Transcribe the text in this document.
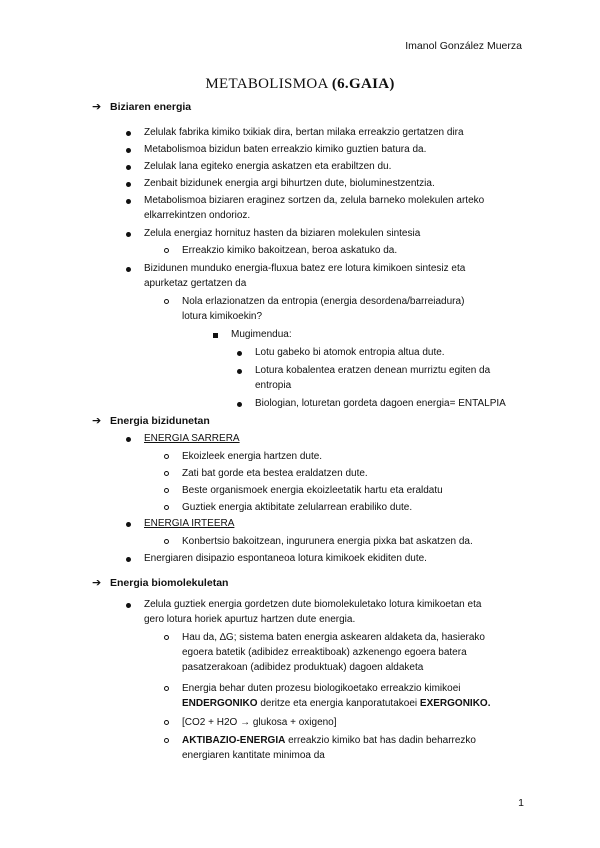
Imanol González Muerza
METABOLISMOA (6.GAIA)
➔ Biziaren energia
Zelulak fabrika kimiko txikiak dira, bertan milaka erreakzio gertatzen dira
Metabolismoa bizidun baten erreakzio kimiko guztien batura da.
Zelulak lana egiteko energia askatzen eta erabiltzen du.
Zenbait bizidunek energia argi bihurtzen dute, bioluminestzentzia.
Metabolismoa biziaren eraginez sortzen da, zelula barneko molekulen arteko
elkarrekintzen ondorioz.
Zelula energiaz hornituz hasten da biziaren molekulen sintesia
Erreakzio kimiko bakoitzean, beroa askatuko da.
Bizidunen munduko energia-fluxua batez ere lotura kimikoen sintesiz eta
apurketaz gertatzen da
Nola erlazionatzen da entropia (energia desordena/barreiadura)
lotura kimikoekin?
Mugimendua:
Lotu gabeko bi atomok entropia altua dute.
Lotura kobalentea eratzen denean murriztu egiten da
entropia
Biologian, loturetan gordeta dagoen energia= ENTALPIA
➔ Energia bizidunetan
ENERGIA SARRERA
Ekoizleek energia hartzen dute.
Zati bat gorde eta bestea eraldatzen dute.
Beste organismoek energia ekoizleetatik hartu eta eraldatu
Guztiek energia aktibitate zelularrean erabiliko dute.
ENERGIA IRTEERA
Konbertsio bakoitzean, ingurunera energia pixka bat askatzen da.
Energiaren disipazio espontaneoa lotura kimikoek ekiditen dute.
➔ Energia biomolekuletan
Zelula guztiek energia gordetzen dute biomolekuletako lotura kimikoetan eta
gero lotura horiek apurtuz hartzen dute energia.
Hau da, ∆G; sistema baten energia askearen aldaketa da, hasierako
egoera batetik (adibidez erreaktiboak) azkenengo egoera batera
pasatzerakoan (adibidez produktuak) dagoen aldaketa
Energia behar duten prozesu biologikoetako erreakzio kimikoei
ENDERGONIKO deritze eta energia kanporatutakoei EXERGONIKO.
[CO2 + H2O → glukosa + oxigeno]
AKTIBAZIO-ENERGIA erreakzio kimiko bat has dadin beharrezko
energiaren kantitate minimoa da
1
